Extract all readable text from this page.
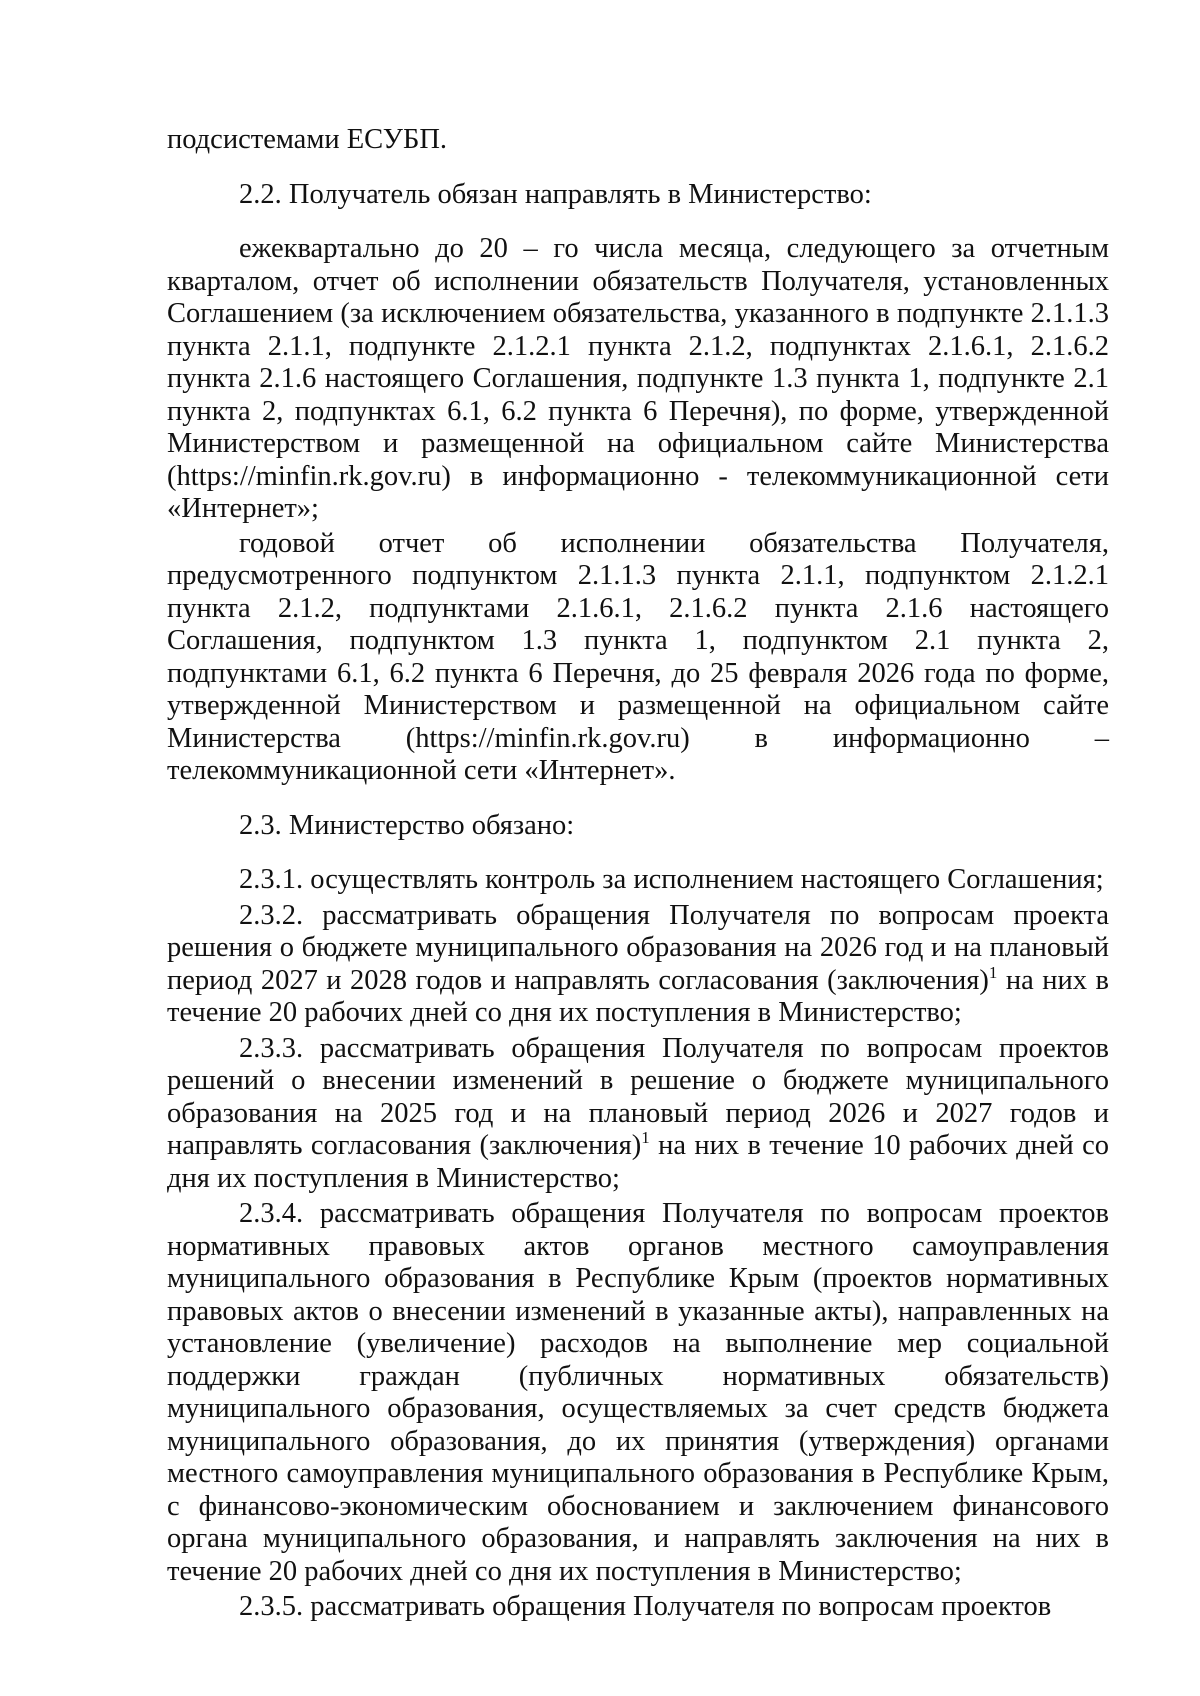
подсистемами ЕСУБП.

2.2. Получатель обязан направлять в Министерство:

ежеквартально до 20 – го числа месяца, следующего за отчетным кварталом, отчет об исполнении обязательств Получателя, установленных Соглашением (за исключением обязательства, указанного в подпункте 2.1.1.3 пункта 2.1.1, подпункте 2.1.2.1 пункта 2.1.2, подпунктах 2.1.6.1, 2.1.6.2 пункта 2.1.6 настоящего Соглашения, подпункте 1.3 пункта 1, подпункте 2.1 пункта 2, подпунктах 6.1, 6.2 пункта 6 Перечня), по форме, утвержденной Министерством и размещенной на официальном сайте Министерства (https://minfin.rk.gov.ru) в информационно - телекоммуникационной сети «Интернет»;

годовой отчет об исполнении обязательства Получателя, предусмотренного подпунктом 2.1.1.3 пункта 2.1.1, подпунктом 2.1.2.1 пункта 2.1.2, подпунктами 2.1.6.1, 2.1.6.2 пункта 2.1.6 настоящего Соглашения, подпунктом 1.3 пункта 1, подпунктом 2.1 пункта 2, подпунктами 6.1, 6.2 пункта 6 Перечня, до 25 февраля 2026 года по форме, утвержденной Министерством и размещенной на официальном сайте Министерства (https://minfin.rk.gov.ru) в информационно – телекоммуникационной сети «Интернет».

2.3. Министерство обязано:

2.3.1. осуществлять контроль за исполнением настоящего Соглашения;

2.3.2. рассматривать обращения Получателя по вопросам проекта решения о бюджете муниципального образования на 2026 год и на плановый период 2027 и 2028 годов и направлять согласования (заключения)$^1$ на них в течение 20 рабочих дней со дня их поступления в Министерство;

2.3.3. рассматривать обращения Получателя по вопросам проектов решений о внесении изменений в решение о бюджете муниципального образования на 2025 год и на плановый период 2026 и 2027 годов и направлять согласования (заключения)$^1$ на них в течение 10 рабочих дней со дня их поступления в Министерство;

2.3.4. рассматривать обращения Получателя по вопросам проектов нормативных правовых актов органов местного самоуправления муниципального образования в Республике Крым (проектов нормативных правовых актов о внесении изменений в указанные акты), направленных на установление (увеличение) расходов на выполнение мер социальной поддержки граждан (публичных нормативных обязательств) муниципального образования, осуществляемых за счет средств бюджета муниципального образования, до их принятия (утверждения) органами местного самоуправления муниципального образования в Республике Крым, с финансово-экономическим обоснованием и заключением финансового органа муниципального образования, и направлять заключения на них в течение 20 рабочих дней со дня их поступления в Министерство;

2.3.5. рассматривать обращения Получателя по вопросам проектов
